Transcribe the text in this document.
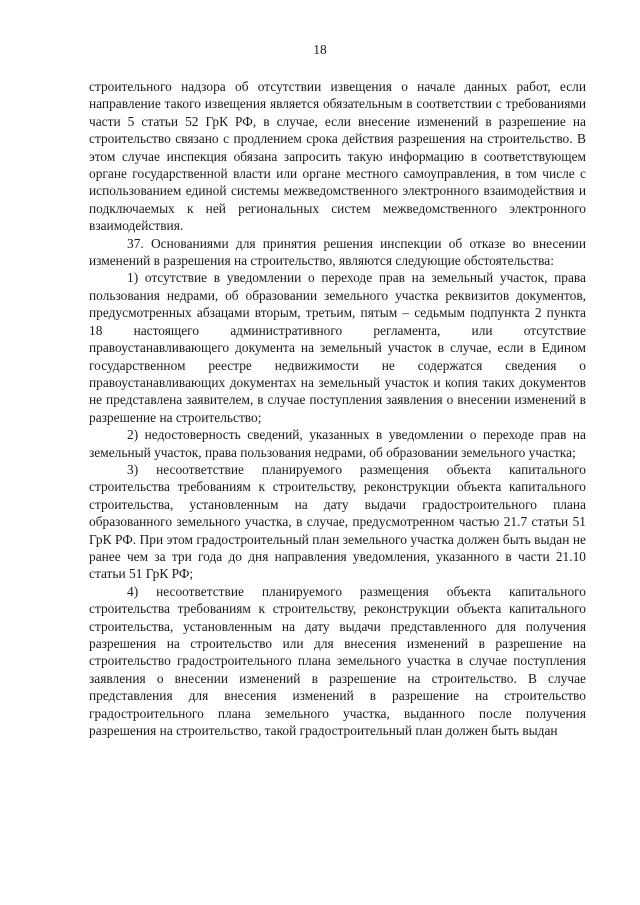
18

строительного надзора об отсутствии извещения о начале данных работ, если направление такого извещения является обязательным в соответствии с требованиями части 5 статьи 52 ГрК РФ, в случае, если внесение изменений в разрешение на строительство связано с продлением срока действия разрешения на строительство. В этом случае инспекция обязана запросить такую информацию в соответствующем органе государственной власти или органе местного самоуправления, в том числе с использованием единой системы межведомственного электронного взаимодействия и подключаемых к ней региональных систем межведомственного электронного взаимодействия.

37. Основаниями для принятия решения инспекции об отказе во внесении изменений в разрешения на строительство, являются следующие обстоятельства:

1) отсутствие в уведомлении о переходе прав на земельный участок, права пользования недрами, об образовании земельного участка реквизитов документов, предусмотренных абзацами вторым, третьим, пятым – седьмым подпункта 2 пункта 18 настоящего административного регламента, или отсутствие правоустанавливающего документа на земельный участок в случае, если в Едином государственном реестре недвижимости не содержатся сведения о правоустанавливающих документах на земельный участок и копия таких документов не представлена заявителем, в случае поступления заявления о внесении изменений в разрешение на строительство;

2) недостоверность сведений, указанных в уведомлении о переходе прав на земельный участок, права пользования недрами, об образовании земельного участка;

3) несоответствие планируемого размещения объекта капитального строительства требованиям к строительству, реконструкции объекта капитального строительства, установленным на дату выдачи градостроительного плана образованного земельного участка, в случае, предусмотренном частью 21.7 статьи 51 ГрК РФ. При этом градостроительный план земельного участка должен быть выдан не ранее чем за три года до дня направления уведомления, указанного в части 21.10 статьи 51 ГрК РФ;

4) несоответствие планируемого размещения объекта капитального строительства требованиям к строительству, реконструкции объекта капитального строительства, установленным на дату выдачи представленного для получения разрешения на строительство или для внесения изменений в разрешение на строительство градостроительного плана земельного участка в случае поступления заявления о внесении изменений в разрешение на строительство. В случае представления для внесения изменений в разрешение на строительство градостроительного плана земельного участка, выданного после получения разрешения на строительство, такой градостроительный план должен быть выдан
